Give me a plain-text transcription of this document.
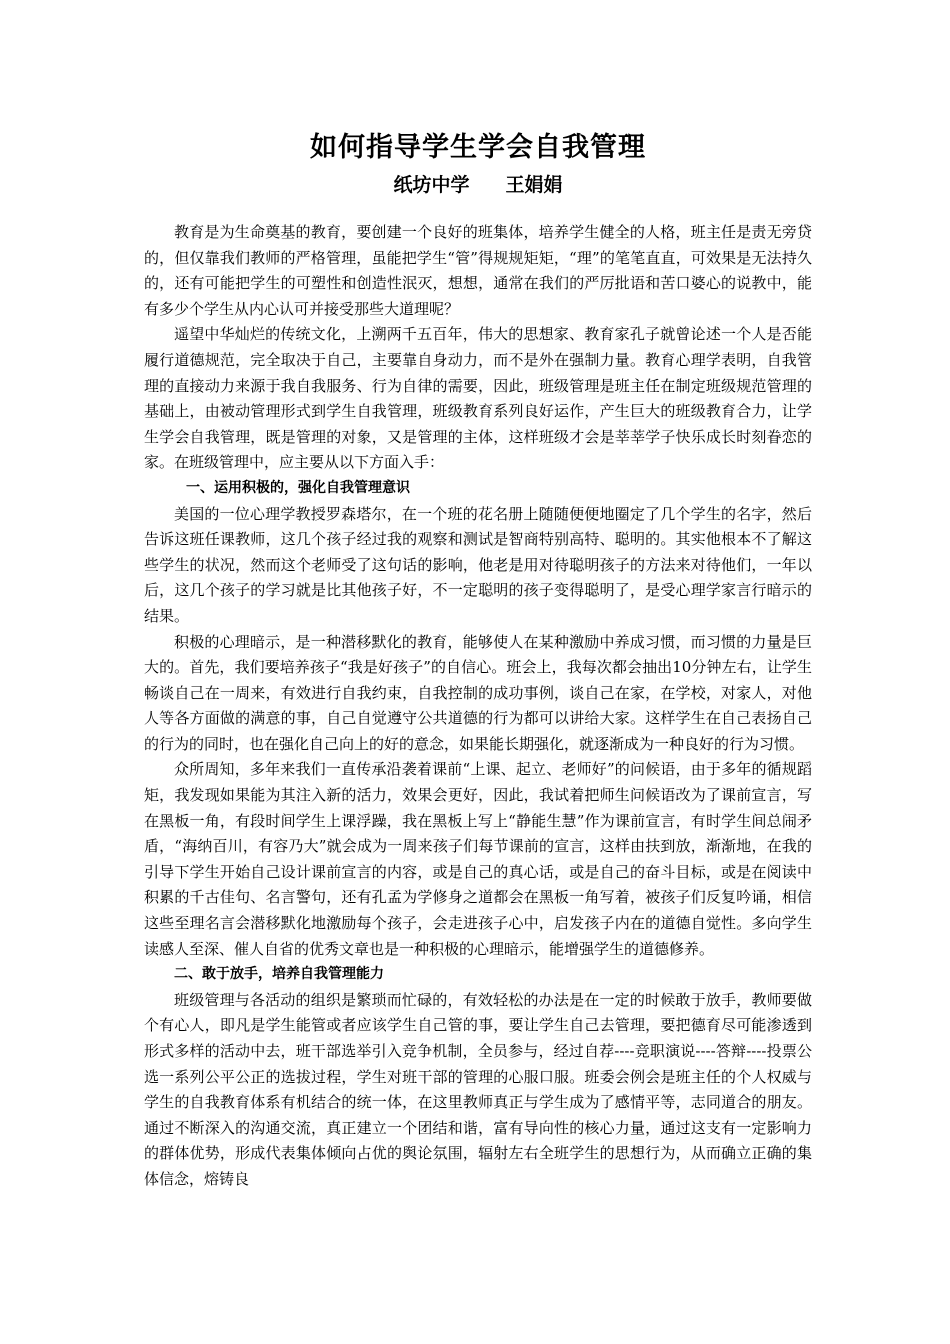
如何指导学生学会自我管理
纸坊中学 王娟娟

教育是为生命奠基的教育，要创建一个良好的班集体，培养学生健全的人格，班主任是责无旁贷的，但仅靠我们教师的严格管理，虽能把学生“管”得规规矩矩，“理”的笔笔直直，可效果是无法持久的，还有可能把学生的可塑性和创造性泯灭，想想，通常在我们的严厉批语和苦口婆心的说教中，能有多少个学生从内心认可并接受那些大道理呢？

遥望中华灿烂的传统文化，上溯两千五百年，伟大的思想家、教育家孔子就曾论述一个人是否能履行道德规范，完全取决于自己，主要靠自身动力，而不是外在强制力量。教育心理学表明，自我管理的直接动力来源于我自我服务、行为自律的需要，因此，班级管理是班主任在制定班级规范管理的基础上，由被动管理形式到学生自我管理，班级教育系列良好运作，产生巨大的班级教育合力，让学生学会自我管理，既是管理的对象，又是管理的主体，这样班级才会是莘莘学子快乐成长时刻眷恋的家。在班级管理中，应主要从以下方面入手：

一、运用积极的，强化自我管理意识

美国的一位心理学教授罗森塔尔，在一个班的花名册上随随便便地圈定了几个学生的名字，然后告诉这班任课教师，这几个孩子经过我的观察和测试是智商特别高特、聪明的。其实他根本不了解这些学生的状况，然而这个老师受了这句话的影响，他老是用对待聪明孩子的方法来对待他们，一年以后，这几个孩子的学习就是比其他孩子好，不一定聪明的孩子变得聪明了，是受心理学家言行暗示的结果。

积极的心理暗示，是一种潜移默化的教育，能够使人在某种激励中养成习惯，而习惯的力量是巨大的。首先，我们要培养孩子“我是好孩子”的自信心。班会上，我每次都会抽出10分钟左右，让学生畅谈自己在一周来，有效进行自我约束，自我控制的成功事例，谈自己在家，在学校，对家人，对他人等各方面做的满意的事，自己自觉遵守公共道德的行为都可以讲给大家。这样学生在自己表扬自己的行为的同时，也在强化自己向上的好的意念，如果能长期强化，就逐渐成为一种良好的行为习惯。

众所周知，多年来我们一直传承沿袭着课前“上课、起立、老师好”的问候语，由于多年的循规蹈矩，我发现如果能为其注入新的活力，效果会更好，因此，我试着把师生问候语改为了课前宣言，写在黑板一角，有段时间学生上课浮躁，我在黑板上写上“静能生慧”作为课前宣言，有时学生间总闹矛盾，“海纳百川，有容乃大”就会成为一周来孩子们每节课前的宣言，这样由扶到放，渐渐地，在我的引导下学生开始自己设计课前宣言的内容，或是自己的真心话，或是自己的奋斗目标，或是在阅读中积累的千古佳句、名言警句，还有孔孟为学修身之道都会在黑板一角写着，被孩子们反复吟诵，相信这些至理名言会潜移默化地激励每个孩子，会走进孩子心中，启发孩子内在的道德自觉性。多向学生读感人至深、催人自省的优秀文章也是一种积极的心理暗示，能增强学生的道德修养。

二、敢于放手，培养自我管理能力

班级管理与各活动的组织是繁琐而忙碌的，有效轻松的办法是在一定的时候敢于放手，教师要做个有心人，即凡是学生能管或者应该学生自己管的事，要让学生自己去管理，要把德育尽可能渗透到形式多样的活动中去，班干部选举引入竞争机制，全员参与，经过自荐----竞职演说----答辩----投票公选一系列公平公正的选拔过程，学生对班干部的管理的心服口服。班委会例会是班主任的个人权威与学生的自我教育体系有机结合的统一体，在这里教师真正与学生成为了感情平等，志同道合的朋友。通过不断深入的沟通交流，真正建立一个团结和谐，富有导向性的核心力量，通过这支有一定影响力的群体优势，形成代表集体倾向占优的舆论氛围，辐射左右全班学生的思想行为，从而确立正确的集体信念，熔铸良
